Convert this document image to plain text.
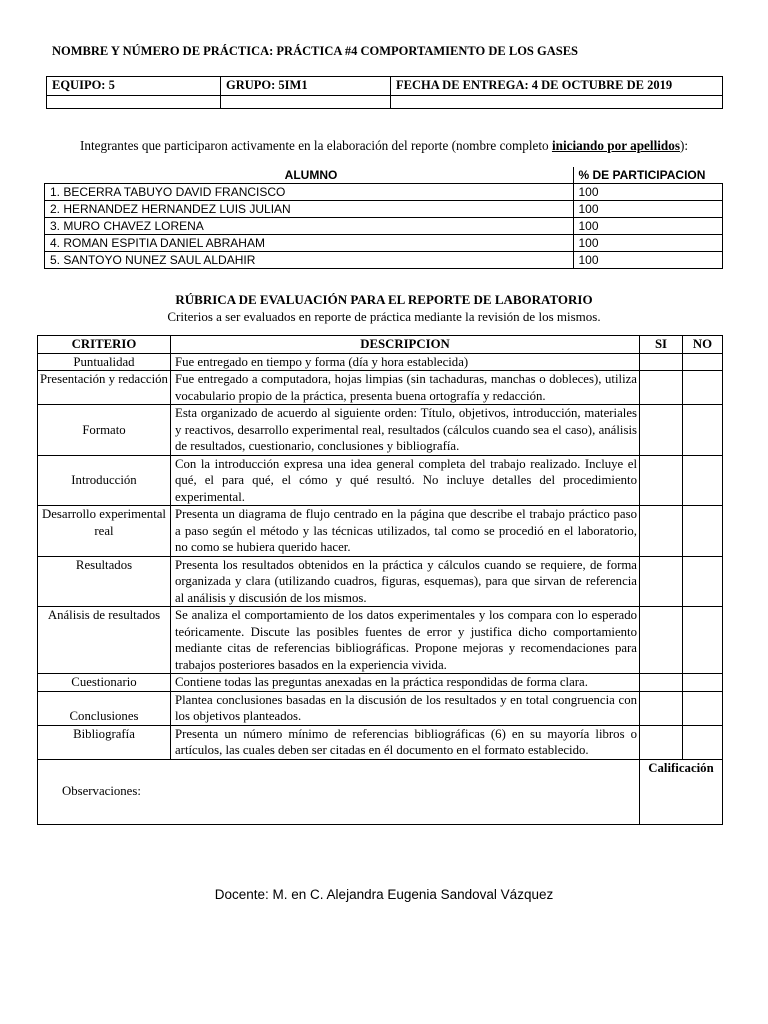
NOMBRE Y NÚMERO DE PRÁCTICA: PRÁCTICA #4 COMPORTAMIENTO DE LOS GASES
EQUIPO: 5	GRUPO: 5IM1	FECHA DE ENTREGA: 4 DE OCTUBRE DE 2019

Integrantes que participaron activamente en la elaboración del reporte (nombre completo iniciando por apellidos):
ALUMNO	% DE PARTICIPACION
1. BECERRA TABUYO DAVID FRANCISCO	100
2. HERNANDEZ HERNANDEZ LUIS JULIAN	100
3. MURO CHAVEZ LORENA	100
4. ROMAN ESPITIA DANIEL ABRAHAM	100
5. SANTOYO NUNEZ SAUL ALDAHIR	100
RÚBRICA DE EVALUACIÓN PARA EL REPORTE DE LABORATORIO
Criterios a ser evaluados en reporte de práctica mediante la revisión de los mismos.
CRITERIO	DESCRIPCION	SI	NO
Puntualidad	Fue entregado en tiempo y forma (día y hora establecida)		
Presentación y redacción	Fue entregado a computadora, hojas limpias (sin tachaduras, manchas o dobleces), utiliza vocabulario propio de la práctica, presenta buena ortografía y redacción.		
Formato	Esta organizado de acuerdo al siguiente orden: Título, objetivos, introducción, materiales y reactivos, desarrollo experimental real, resultados (cálculos cuando sea el caso), análisis de resultados, cuestionario, conclusiones y bibliografía.		
Introducción	Con la introducción expresa una idea general completa del trabajo realizado. Incluye el qué, el para qué, el cómo y qué resultó. No incluye detalles del procedimiento experimental.		
Desarrollo experimental real	Presenta un diagrama de flujo centrado en la página que describe el trabajo práctico paso a paso según el método y las técnicas utilizados, tal como se procedió en el laboratorio, no como se hubiera querido hacer.		
Resultados	Presenta los resultados obtenidos en la práctica y cálculos cuando se requiere, de forma organizada y clara (utilizando cuadros, figuras, esquemas), para que sirvan de referencia al análisis y discusión de los mismos.		
Análisis de resultados	Se analiza el comportamiento de los datos experimentales y los compara con lo esperado teóricamente. Discute las posibles fuentes de error y justifica dicho comportamiento mediante citas de referencias bibliográficas. Propone mejoras y recomendaciones para trabajos posteriores basados en la experiencia vivida.		
Cuestionario	Contiene todas las preguntas anexadas en la práctica respondidas de forma clara.		
Conclusiones	Plantea conclusiones basadas en la discusión de los resultados y en total congruencia con los objetivos planteados.		
Bibliografía	Presenta un número mínimo de referencias bibliográficas (6) en su mayoría libros o artículos, las cuales deben ser citadas en él documento en el formato establecido.		
Observaciones:		Calificación	
Docente: M. en C. Alejandra Eugenia Sandoval Vázquez
